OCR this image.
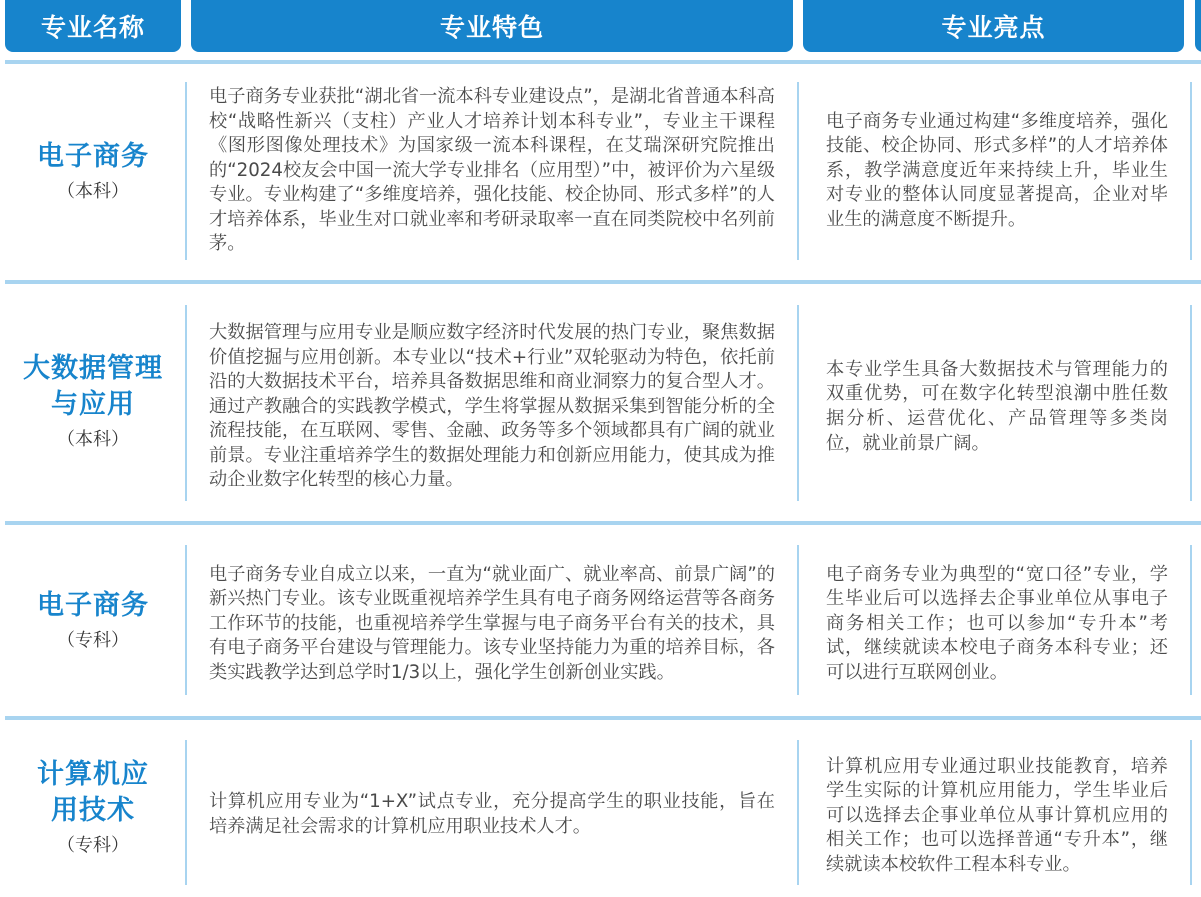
专业名称	专业特色	专业亮点
电子商务
（本科）
电子商务专业获批“湖北省一流本科专业建设点”，是湖北省普通本科高校“战略性新兴（支柱）产业人才培养计划本科专业”，专业主干课程《图形图像处理技术》为国家级一流本科课程，在艾瑞深研究院推出的“2024校友会中国一流大学专业排名（应用型）”中，被评价为六星级专业。专业构建了“多维度培养，强化技能、校企协同、形式多样”的人才培养体系，毕业生对口就业率和考研录取率一直在同类院校中名列前茅。
电子商务专业通过构建“多维度培养，强化技能、校企协同、形式多样”的人才培养体系，教学满意度近年来持续上升，毕业生对专业的整体认同度显著提高，企业对毕业生的满意度不断提升。
大数据管理与应用
（本科）
大数据管理与应用专业是顺应数字经济时代发展的热门专业，聚焦数据价值挖掘与应用创新。本专业以“技术+行业”双轮驱动为特色，依托前沿的大数据技术平台，培养具备数据思维和商业洞察力的复合型人才。通过产教融合的实践教学模式，学生将掌握从数据采集到智能分析的全流程技能，在互联网、零售、金融、政务等多个领域都具有广阔的就业前景。专业注重培养学生的数据处理能力和创新应用能力，使其成为推动企业数字化转型的核心力量。
本专业学生具备大数据技术与管理能力的双重优势，可在数字化转型浪潮中胜任数据分析、运营优化、产品管理等多类岗位，就业前景广阔。
电子商务
（专科）
电子商务专业自成立以来，一直为“就业面广、就业率高、前景广阔”的新兴热门专业。该专业既重视培养学生具有电子商务网络运营等各商务工作环节的技能，也重视培养学生掌握与电子商务平台有关的技术，具有电子商务平台建设与管理能力。该专业坚持能力为重的培养目标，各类实践教学达到总学时1/3以上，强化学生创新创业实践。
电子商务专业为典型的“宽口径”专业，学生毕业后可以选择去企事业单位从事电子商务相关工作；也可以参加“专升本”考试，继续就读本校电子商务本科专业；还可以进行互联网创业。
计算机应用技术
（专科）
计算机应用专业为“1+X”试点专业，充分提高学生的职业技能，旨在培养满足社会需求的计算机应用职业技术人才。
计算机应用专业通过职业技能教育，培养学生实际的计算机应用能力，学生毕业后可以选择去企事业单位从事计算机应用的相关工作；也可以选择普通“专升本”，继续就读本校软件工程本科专业。
